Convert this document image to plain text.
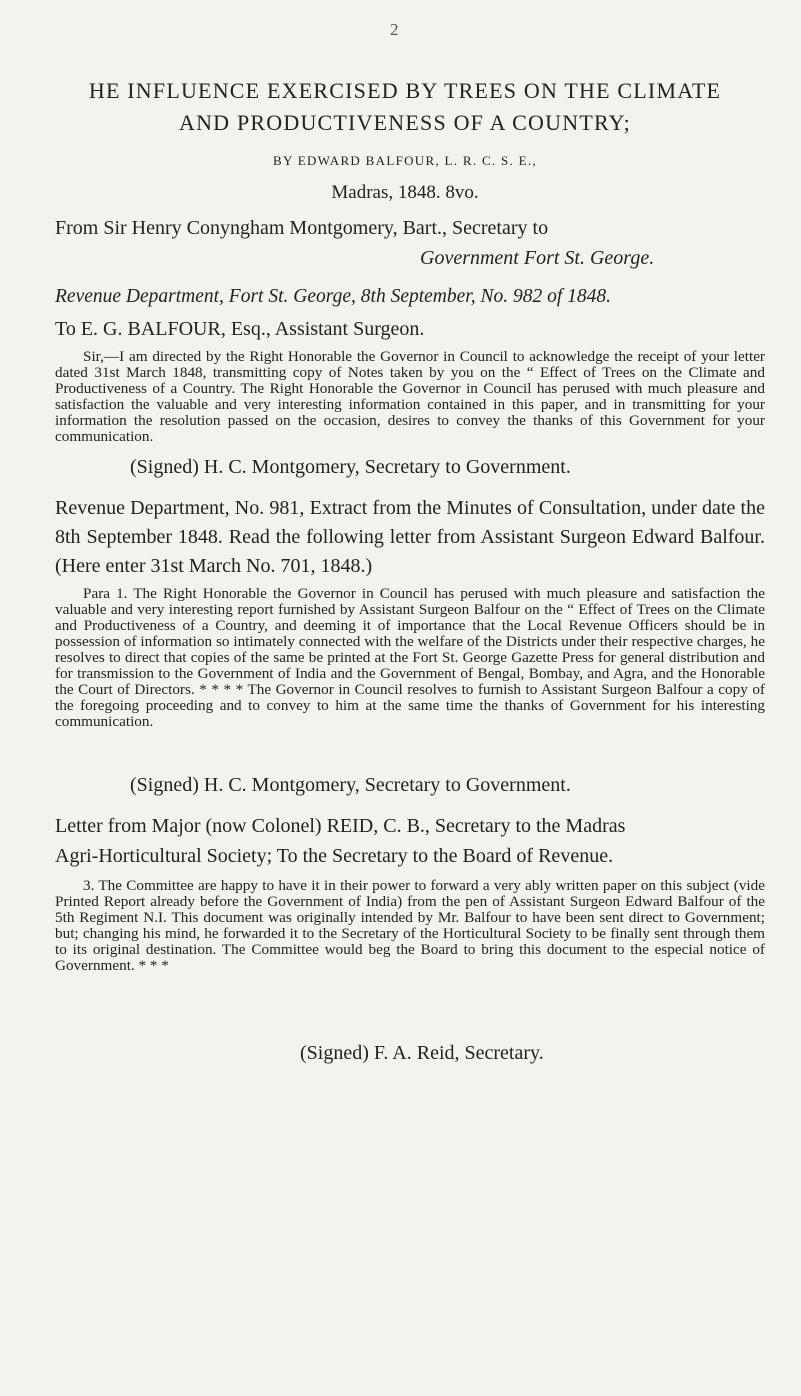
2
HE INFLUENCE EXERCISED BY TREES ON THE CLIMATE
AND PRODUCTIVENESS OF A COUNTRY;
BY EDWARD BALFOUR, L. R. C. S. E.,
Madras, 1848. 8vo.
From Sir Henry Conyngham Montgomery, Bart., Secretary to
Government Fort St. George.
Revenue Department, Fort St. George, 8th September, No. 982 of 1848.
To E. G. BALFOUR, Esq., Assistant Surgeon.
Sir,—I am directed by the Right Honorable the Governor in Council to acknowledge the receipt of your letter dated 31st March 1848, transmitting copy of Notes taken by you on the “ Effect of Trees on the Climate and Productiveness of a Country. The Right Honorable the Governor in Council has perused with much pleasure and satisfaction the valuable and very interesting information contained in this paper, and in transmitting for your information the resolution passed on the occasion, desires to convey the thanks of this Government for your communication.
(Signed) H. C. Montgomery, Secretary to Government.
Revenue Department, No. 981, Extract from the Minutes of Consultation, under date the 8th September 1848. Read the following letter from Assistant Surgeon Edward Balfour. (Here enter 31st March No. 701, 1848.)
Para 1. The Right Honorable the Governor in Council has perused with much pleasure and satisfaction the valuable and very interesting report furnished by Assistant Surgeon Balfour on the “ Effect of Trees on the Climate and Productiveness of a Country, and deeming it of importance that the Local Revenue Officers should be in possession of information so intimately connected with the welfare of the Districts under their respective charges, he resolves to direct that copies of the same be printed at the Fort St. George Gazette Press for general distribution and for transmission to the Government of India and the Government of Bengal, Bombay, and Agra, and the Honorable the Court of Directors. * * * * The Governor in Council resolves to furnish to Assistant Surgeon Balfour a copy of the foregoing proceeding and to convey to him at the same time the thanks of Government for his interesting communication.
(Signed) H. C. Montgomery, Secretary to Government.
Letter from Major (now Colonel) REID, C. B., Secretary to the Madras
Agri-Horticultural Society; To the Secretary to the Board of Revenue.
3. The Committee are happy to have it in their power to forward a very ably written paper on this subject (vide Printed Report already before the Government of India) from the pen of Assistant Surgeon Edward Balfour of the 5th Regiment N.I. This document was originally intended by Mr. Balfour to have been sent direct to Government; but; changing his mind, he forwarded it to the Secretary of the Horticultural Society to be finally sent through them to its original destination. The Committee would beg the Board to bring this document to the especial notice of Government. * * *
(Signed) F. A. Reid, Secretary.
